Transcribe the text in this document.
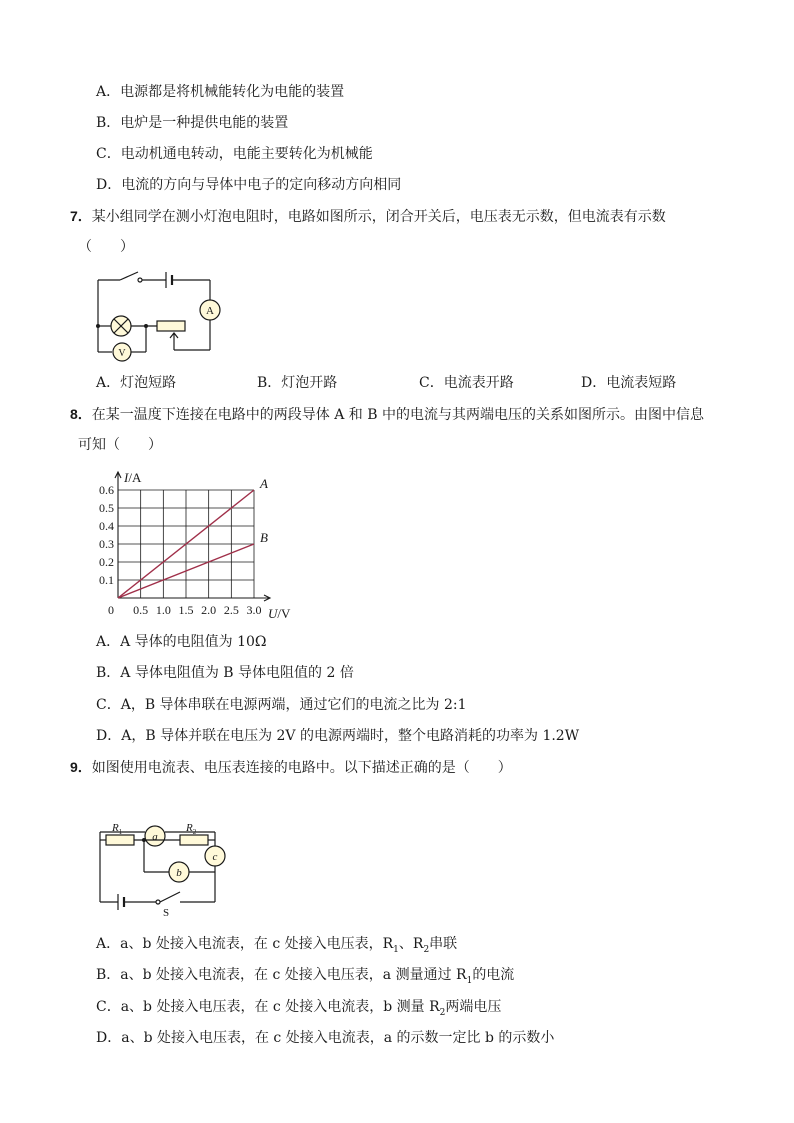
A．电源都是将机械能转化为电能的装置
B．电炉是一种提供电能的装置
C．电动机通电转动，电能主要转化为机械能
D．电流的方向与导体中电子的定向移动方向相同
7．某小组同学在测小灯泡电阻时，电路如图所示，闭合开关后，电压表无示数，但电流表有示数
（　　）
A
V
A．灯泡短路	B．灯泡开路	C．电流表开路	D．电流表短路
8．在某一温度下连接在电路中的两段导体 A 和 B 中的电流与其两端电压的关系如图所示。由图中信息
可知（　　）
A
B
0.5 1.0 1.5 2.0 2.5 3.0
0.1
0.2
0.3
0.4
0.5
0.6
0
I/A
U/V
A．A 导体的电阻值为 10Ω
B．A 导体电阻值为 B 导体电阻值的 2 倍
C．A，B 导体串联在电源两端，通过它们的电流之比为 2:1
D．A，B 导体并联在电压为 2V 的电源两端时，整个电路消耗的功率为 1.2W
9．如图使用电流表、电压表连接的电路中。以下描述正确的是（　　）
a
b
c
$R_1$	$R_2$
S
A．a、b 处接入电流表，在 c 处接入电压表，$R_1$、$R_2$串联
B．a、b 处接入电流表，在 c 处接入电压表，a 测量通过 $R_1$的电流
C．a、b 处接入电压表，在 c 处接入电流表，b 测量 $R_2$两端电压
D．a、b 处接入电压表，在 c 处接入电流表，a 的示数一定比 b 的示数小
